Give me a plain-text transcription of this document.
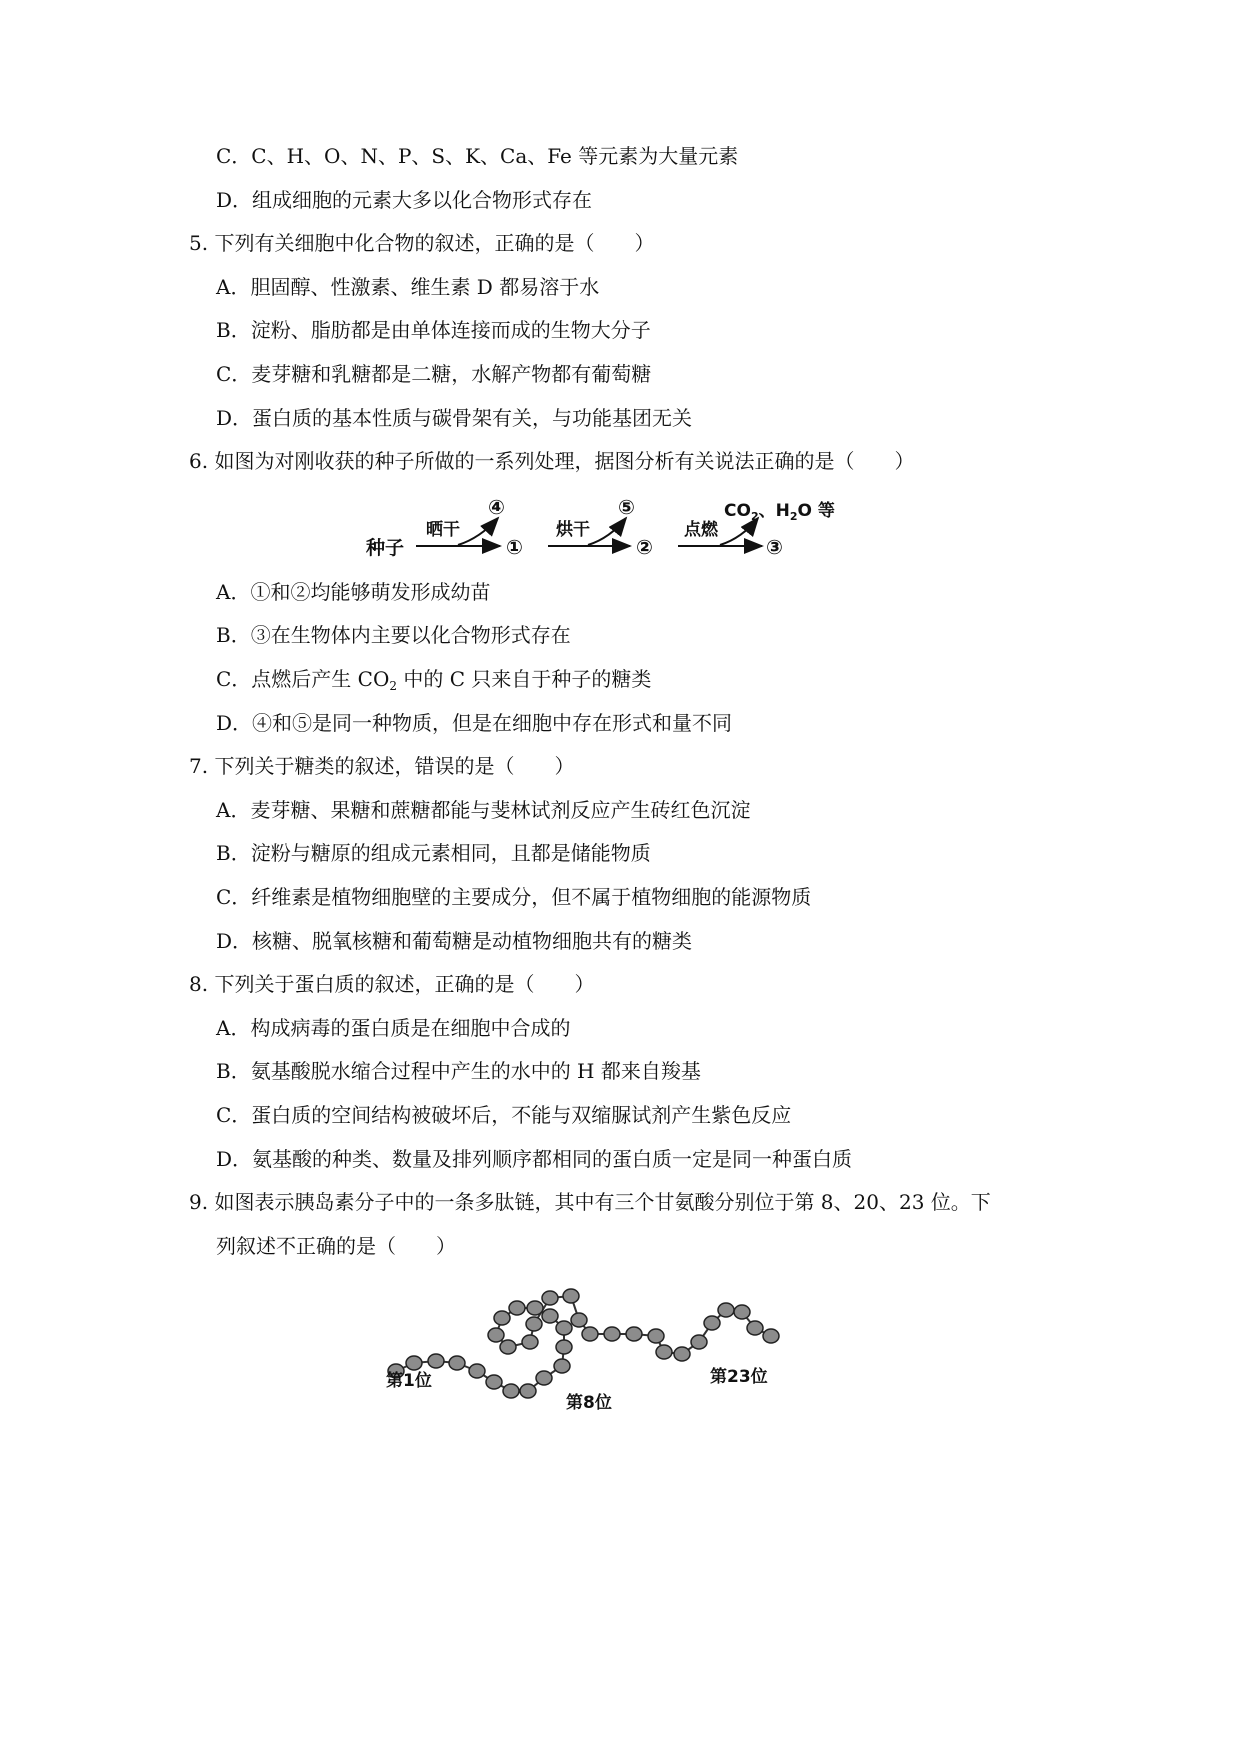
C．C、H、O、N、P、S、K、Ca、Fe 等元素为大量元素
D．组成细胞的元素大多以化合物形式存在
5. 下列有关细胞中化合物的叙述，正确的是（　　）
A．胆固醇、性激素、维生素 D 都易溶于水
B．淀粉、脂肪都是由单体连接而成的生物大分子
C．麦芽糖和乳糖都是二糖，水解产物都有葡萄糖
D．蛋白质的基本性质与碳骨架有关，与功能基团无关
6. 如图为对刚收获的种子所做的一系列处理，据图分析有关说法正确的是（　　）
种子
晒干
④
①
烘干
⑤
②
点燃
③
$CO_2$、$H_2O$ 等
A．①和②均能够萌发形成幼苗
B．③在生物体内主要以化合物形式存在
C．点燃后产生 $CO_2$ 中的 C 只来自于种子的糖类
D．④和⑤是同一种物质，但是在细胞中存在形式和量不同
7. 下列关于糖类的叙述，错误的是（　　）
A．麦芽糖、果糖和蔗糖都能与斐林试剂反应产生砖红色沉淀
B．淀粉与糖原的组成元素相同，且都是储能物质
C．纤维素是植物细胞壁的主要成分，但不属于植物细胞的能源物质
D．核糖、脱氧核糖和葡萄糖是动植物细胞共有的糖类
8. 下列关于蛋白质的叙述，正确的是（　　）
A．构成病毒的蛋白质是在细胞中合成的
B．氨基酸脱水缩合过程中产生的水中的 H 都来自羧基
C．蛋白质的空间结构被破坏后，不能与双缩脲试剂产生紫色反应
D．氨基酸的种类、数量及排列顺序都相同的蛋白质一定是同一种蛋白质
9. 如图表示胰岛素分子中的一条多肽链，其中有三个甘氨酸分别位于第 8、20、23 位。下
列叙述不正确的是（　　）
第1位
第8位
第23位
